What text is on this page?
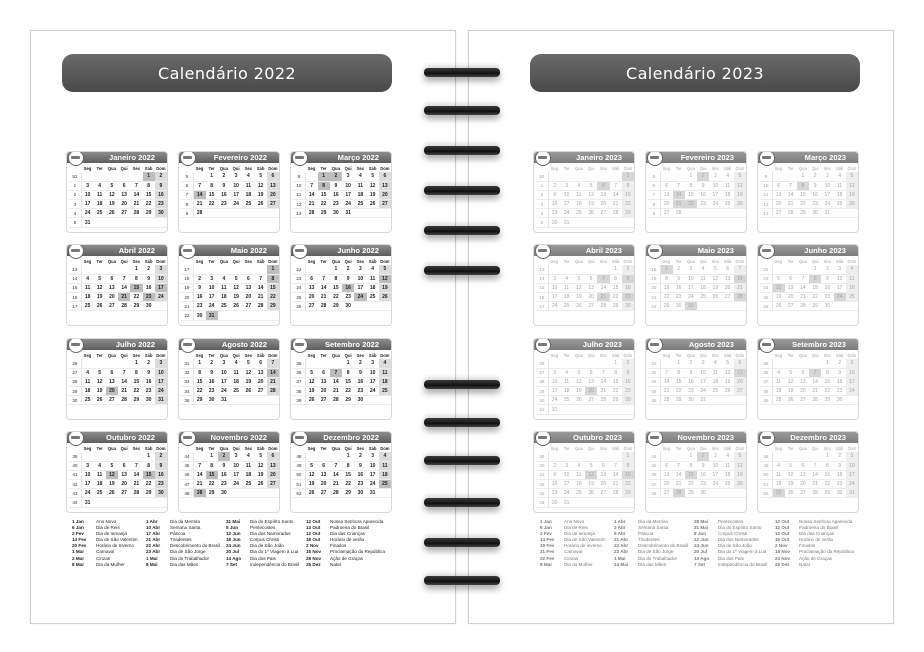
Calendário 2022	Calendário 2023
Janeiro 2022
	Seg	Ter	Qua	Qui	Sex	Sáb	Dom
52						1	2
1	3	4	5	6	7	8	9
2	10	11	12	13	14	15	16
3	17	18	19	20	21	22	23
4	24	25	26	27	28	29	30
5	31						
Fevereiro 2022
	Seg	Ter	Qua	Qui	Sex	Sáb	Dom
5		1	2	3	4	5	6
6	7	8	9	10	11	12	13
7	14	15	16	17	18	19	20
8	21	22	23	24	25	26	27
9	28						
Março 2022
	Seg	Ter	Qua	Qui	Sex	Sáb	Dom
9		1	2	3	4	5	6
10	7	8	9	10	11	12	13
11	14	15	16	17	18	19	20
12	21	22	23	24	25	26	27
13	28	29	30	31			
Abril 2022
	Seg	Ter	Qua	Qui	Sex	Sáb	Dom
13					1	2	3
14	4	5	6	7	8	9	10
15	11	12	13	14	15	16	17
16	18	19	20	21	22	23	24
17	25	26	27	28	29	30	
Maio 2022
	Seg	Ter	Qua	Qui	Sex	Sáb	Dom
17							1
18	2	3	4	5	6	7	8
19	9	10	11	12	13	14	15
20	16	17	18	19	20	21	22
21	23	24	25	26	27	28	29
22	30	31					
Junho 2022
	Seg	Ter	Qua	Qui	Sex	Sáb	Dom
22			1	2	3	4	5
23	6	7	8	9	10	11	12
24	13	14	15	16	17	18	19
25	20	21	22	23	24	25	26
26	27	28	29	30			
Julho 2022
	Seg	Ter	Qua	Qui	Sex	Sáb	Dom
26					1	2	3
27	4	5	6	7	8	9	10
28	11	12	13	14	15	16	17
29	18	19	20	21	22	23	24
30	25	26	27	28	29	30	31
Agosto 2022
	Seg	Ter	Qua	Qui	Sex	Sáb	Dom
31	1	2	3	4	5	6	7
32	8	9	10	11	12	13	14
33	15	16	17	18	19	20	21
34	22	23	24	25	26	27	28
35	29	30	31				
Setembro 2022
	Seg	Ter	Qua	Qui	Sex	Sáb	Dom
35				1	2	3	4
36	5	6	7	8	9	10	11
37	12	13	14	15	16	17	18
38	19	20	21	22	23	24	25
39	26	27	28	29	30		
Outubro 2022
	Seg	Ter	Qua	Qui	Sex	Sáb	Dom
39						1	2
40	3	4	5	6	7	8	9
41	10	11	12	13	14	15	16
42	17	18	19	20	21	22	23
43	24	25	26	27	28	29	30
44	31						
Novembro 2022
	Seg	Ter	Qua	Qui	Sex	Sáb	Dom
44		1	2	3	4	5	6
45	7	8	9	10	11	12	13
46	14	15	16	17	18	19	20
47	21	22	23	24	25	26	27
48	28	29	30				
Dezembro 2022
	Seg	Ter	Qua	Qui	Sex	Sáb	Dom
48				1	2	3	4
49	5	6	7	8	9	10	11
50	12	13	14	15	16	17	18
51	19	20	21	22	23	24	25
52	26	27	28	29	30	31	
Janeiro 2023
	Seg	Ter	Qua	Qui	Sex	Sáb	Dom
52							1
1	2	3	4	5	6	7	8
2	9	10	11	12	13	14	15
3	16	17	18	19	20	21	22
4	23	24	25	26	27	28	29
5	30	31					
Fevereiro 2023
	Seg	Ter	Qua	Qui	Sex	Sáb	Dom
5			1	2	3	4	5
6	6	7	8	9	10	11	12
7	13	14	15	16	17	18	19
8	20	21	22	23	24	25	26
9	27	28					
Março 2023
	Seg	Ter	Qua	Qui	Sex	Sáb	Dom
9			1	2	3	4	5
10	6	7	8	9	10	11	12
11	13	14	15	16	17	18	19
12	20	21	22	23	24	25	26
13	27	28	29	30	31		
Abril 2023
	Seg	Ter	Qua	Qui	Sex	Sáb	Dom
13						1	2
14	3	4	5	6	7	8	9
15	10	11	12	13	14	15	16
16	17	18	19	20	21	22	23
17	24	25	26	27	28	29	30
Maio 2023
	Seg	Ter	Qua	Qui	Sex	Sáb	Dom
18	1	2	3	4	5	6	7
19	8	9	10	11	12	13	14
20	15	16	17	18	19	20	21
21	22	23	24	25	26	27	28
22	29	30	31				
Junho 2023
	Seg	Ter	Qua	Qui	Sex	Sáb	Dom
22				1	2	3	4
23	5	6	7	8	9	10	11
24	12	13	14	15	16	17	18
25	19	20	21	22	23	24	25
26	26	27	28	29	30		
Julho 2023
	Seg	Ter	Qua	Qui	Sex	Sáb	Dom
26						1	2
27	3	4	5	6	7	8	9
28	10	11	12	13	14	15	16
29	17	18	19	20	21	22	23
30	24	25	26	27	28	29	30
31	31						
Agosto 2023
	Seg	Ter	Qua	Qui	Sex	Sáb	Dom
31		1	2	3	4	5	6
32	7	8	9	10	11	12	13
33	14	15	16	17	18	19	20
34	21	22	23	24	25	26	27
35	28	29	30	31			
Setembro 2023
	Seg	Ter	Qua	Qui	Sex	Sáb	Dom
35					1	2	3
36	4	5	6	7	8	9	10
37	11	12	13	14	15	16	17
38	18	19	20	21	22	23	24
39	25	26	27	28	29	30	
Outubro 2023
	Seg	Ter	Qua	Qui	Sex	Sáb	Dom
39							1
40	2	3	4	5	6	7	8
41	9	10	11	12	13	14	15
42	16	17	18	19	20	21	22
43	23	24	25	26	27	28	29
44	30	31					
Novembro 2023
	Seg	Ter	Qua	Qui	Sex	Sáb	Dom
44			1	2	3	4	5
45	6	7	8	9	10	11	12
46	13	14	15	16	17	18	19
47	20	21	22	23	24	25	26
48	27	28	29	30			
Dezembro 2023
	Seg	Ter	Qua	Qui	Sex	Sáb	Dom
48					1	2	3
49	4	5	6	7	8	9	10
50	11	12	13	14	15	16	17
51	18	19	20	21	22	23	24
52	25	26	27	28	29	30	31
1 Jan	Ano Novo
6 Jan	Dia de Reis
2 Fev	Dia de Iemanjá
14 Fev	Dia de São Valentim
20 Fev	Horário de Inverno
1 Mar	Carnaval
2 Mar	Cinzas
8 Mar	Dia da Mulher
1 Abr	Dia da Mentira
10 Abr	Semana Santa
17 Abr	Páscoa
21 Abr	Tiradentes
22 Abr	Descobrimento do Brasil
23 Abr	Dia de São Jorge
1 Mai	Dia do Trabalhador
8 Mai	Dia das Mães
31 Mai	Dia do Espírito Santo
5 Jun	Pentecostes
12 Jun	Dia dos Namorados
16 Jun	Corpus Christi
24 Jun	Dia de São João
20 Jul	Dia do 1º Viagem à Lua
14 Ago	Dia dos Pais
7 Set	Independência do Brasil
12 Out	Nossa Senhora Aparecida
13 Out	Padroeira do Brasil
12 Out	Dia das Crianças
16 Out	Horário de verão
2 Nov	Finados
15 Nov	Proclamação da República
28 Nov	Ação de Graças
25 Dez	Natal
1 Jan	Ano Novo
6 Jan	Dia de Reis
2 Fev	Dia de Iemanjá
14 Fev	Dia de São Valentim
19 Fev	Horário de inverno
21 Fev	Carnaval
22 Fev	Cinzas
8 Mar	Dia da Mulher
1 Abr	Dia da Mentira
2 Abr	Semana Santa
9 Abr	Páscoa
21 Abr	Tiradentes
22 Abr	Descobrimento do Brasil
23 Abr	Dia de São Jorge
1 Mai	Dia do Trabalhador
14 Mai	Dia das Mães
28 Mai	Pentecostes
31 Mai	Dia do Espírito Santo
8 Jun	Corpus Christi
12 Jun	Dia dos Namorados
24 Jun	Dia de São João
20 Jul	Dia do 1º Viagem à Lua
13 Ago	Dia dos Pais
7 Set	Independência do Brasil
12 Out	Nossa Senhora Aparecida
12 Out	Padroeira do Brasil
12 Out	Dia das Crianças
15 Out	Horário de verão
2 Nov	Finados
15 Nov	Proclamação da República
23 Nov	Ação de Graças
25 Dez	Natal
